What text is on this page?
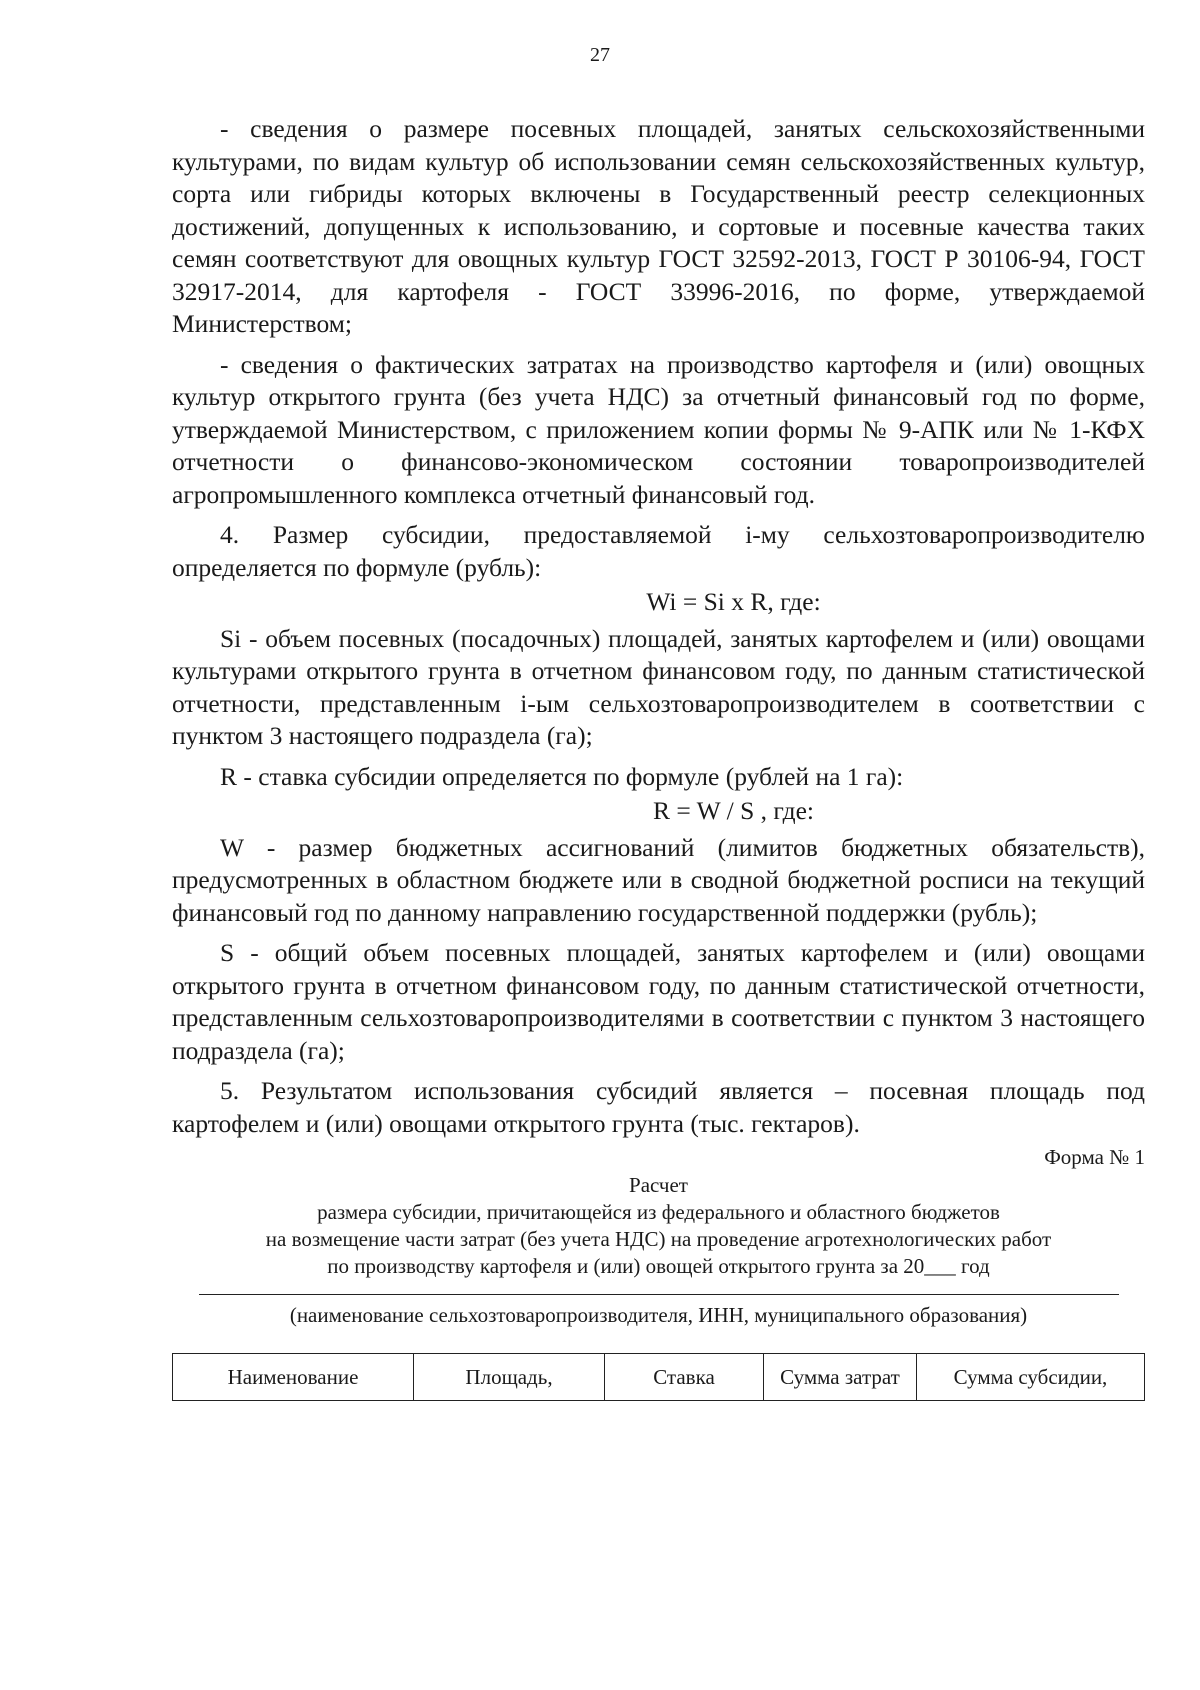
27

- сведения о размере посевных площадей, занятых сельскохозяйственными культурами, по видам культур об использовании семян сельскохозяйственных культур, сорта или гибриды которых включены в Государственный реестр селекционных достижений, допущенных к использованию, и сортовые и посевные качества таких семян соответствуют для овощных культур ГОСТ 32592-2013, ГОСТ Р 30106-94, ГОСТ 32917-2014, для картофеля - ГОСТ 33996-2016, по форме, утверждаемой Министерством;

- сведения о фактических затратах на производство картофеля и (или) овощных культур открытого грунта (без учета НДС) за отчетный финансовый год по форме, утверждаемой Министерством, с приложением копии формы № 9-АПК или № 1-КФХ отчетности о финансово-экономическом состоянии товаропроизводителей агропромышленного комплекса отчетный финансовый год.

4. Размер субсидии, предоставляемой i-му сельхозтоваропроизводителю определяется по формуле (рубль):

Wi = Si x R, где:

Si - объем посевных (посадочных) площадей, занятых картофелем и (или) овощами культурами открытого грунта в отчетном финансовом году, по данным статистической отчетности, представленным i-ым сельхозтоваропроизводителем в соответствии с пунктом 3 настоящего подраздела (га);

R - ставка субсидии определяется по формуле (рублей на 1 га):

R = W / S , где:

W - размер бюджетных ассигнований (лимитов бюджетных обязательств), предусмотренных в областном бюджете или в сводной бюджетной росписи на текущий финансовый год по данному направлению государственной поддержки (рубль);

S - общий объем посевных площадей, занятых картофелем и (или) овощами открытого грунта в отчетном финансовом году, по данным статистической отчетности, представленным сельхозтоваропроизводителями в соответствии с пунктом 3 настоящего подраздела (га);

5. Результатом использования субсидий является – посевная площадь под картофелем и (или) овощами открытого грунта (тыс. гектаров).

Форма № 1
Расчет
размера субсидии, причитающейся из федерального и областного бюджетов
на возмещение части затрат (без учета НДС) на проведение агротехнологических работ
по производству картофеля и (или) овощей открытого грунта за 20___ год
(наименование сельхозтоваропроизводителя, ИНН, муниципального образования)
Наименование	Площадь,	Ставка	Сумма затрат	Сумма субсидии,
